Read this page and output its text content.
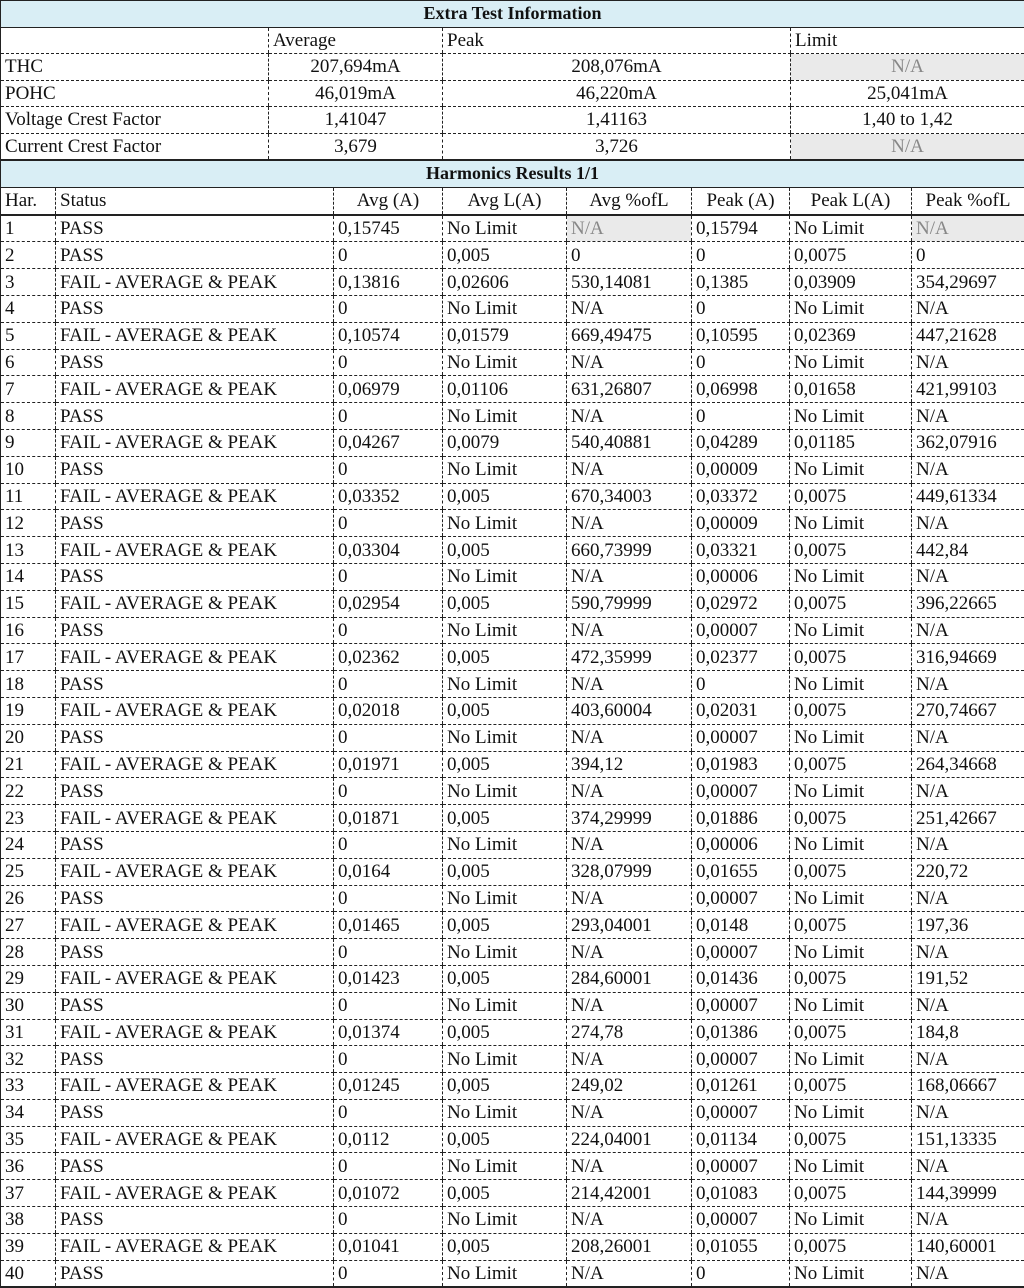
Extra Test Information			
	Average	Peak	Limit
THC	207,694mA	208,076mA	N/A
POHC	46,019mA	46,220mA	25,041mA
Voltage Crest Factor	1,41047	1,41163	1,40 to 1,42
Current Crest Factor	3,679	3,726	N/A
Harmonics Results 1/1							
Har.	Status	Avg (A)	Avg L(A)	Avg %ofL	Peak (A)	Peak L(A)	Peak %ofL
1	PASS	0,15745	No Limit	N/A	0,15794	No Limit	N/A
2	PASS	0	0,005	0	0	0,0075	0
3	FAIL - AVERAGE & PEAK	0,13816	0,02606	530,14081	0,1385	0,03909	354,29697
4	PASS	0	No Limit	N/A	0	No Limit	N/A
5	FAIL - AVERAGE & PEAK	0,10574	0,01579	669,49475	0,10595	0,02369	447,21628
6	PASS	0	No Limit	N/A	0	No Limit	N/A
7	FAIL - AVERAGE & PEAK	0,06979	0,01106	631,26807	0,06998	0,01658	421,99103
8	PASS	0	No Limit	N/A	0	No Limit	N/A
9	FAIL - AVERAGE & PEAK	0,04267	0,0079	540,40881	0,04289	0,01185	362,07916
10	PASS	0	No Limit	N/A	0,00009	No Limit	N/A
11	FAIL - AVERAGE & PEAK	0,03352	0,005	670,34003	0,03372	0,0075	449,61334
12	PASS	0	No Limit	N/A	0,00009	No Limit	N/A
13	FAIL - AVERAGE & PEAK	0,03304	0,005	660,73999	0,03321	0,0075	442,84
14	PASS	0	No Limit	N/A	0,00006	No Limit	N/A
15	FAIL - AVERAGE & PEAK	0,02954	0,005	590,79999	0,02972	0,0075	396,22665
16	PASS	0	No Limit	N/A	0,00007	No Limit	N/A
17	FAIL - AVERAGE & PEAK	0,02362	0,005	472,35999	0,02377	0,0075	316,94669
18	PASS	0	No Limit	N/A	0	No Limit	N/A
19	FAIL - AVERAGE & PEAK	0,02018	0,005	403,60004	0,02031	0,0075	270,74667
20	PASS	0	No Limit	N/A	0,00007	No Limit	N/A
21	FAIL - AVERAGE & PEAK	0,01971	0,005	394,12	0,01983	0,0075	264,34668
22	PASS	0	No Limit	N/A	0,00007	No Limit	N/A
23	FAIL - AVERAGE & PEAK	0,01871	0,005	374,29999	0,01886	0,0075	251,42667
24	PASS	0	No Limit	N/A	0,00006	No Limit	N/A
25	FAIL - AVERAGE & PEAK	0,0164	0,005	328,07999	0,01655	0,0075	220,72
26	PASS	0	No Limit	N/A	0,00007	No Limit	N/A
27	FAIL - AVERAGE & PEAK	0,01465	0,005	293,04001	0,0148	0,0075	197,36
28	PASS	0	No Limit	N/A	0,00007	No Limit	N/A
29	FAIL - AVERAGE & PEAK	0,01423	0,005	284,60001	0,01436	0,0075	191,52
30	PASS	0	No Limit	N/A	0,00007	No Limit	N/A
31	FAIL - AVERAGE & PEAK	0,01374	0,005	274,78	0,01386	0,0075	184,8
32	PASS	0	No Limit	N/A	0,00007	No Limit	N/A
33	FAIL - AVERAGE & PEAK	0,01245	0,005	249,02	0,01261	0,0075	168,06667
34	PASS	0	No Limit	N/A	0,00007	No Limit	N/A
35	FAIL - AVERAGE & PEAK	0,0112	0,005	224,04001	0,01134	0,0075	151,13335
36	PASS	0	No Limit	N/A	0,00007	No Limit	N/A
37	FAIL - AVERAGE & PEAK	0,01072	0,005	214,42001	0,01083	0,0075	144,39999
38	PASS	0	No Limit	N/A	0,00007	No Limit	N/A
39	FAIL - AVERAGE & PEAK	0,01041	0,005	208,26001	0,01055	0,0075	140,60001
40	PASS	0	No Limit	N/A	0	No Limit	N/A
